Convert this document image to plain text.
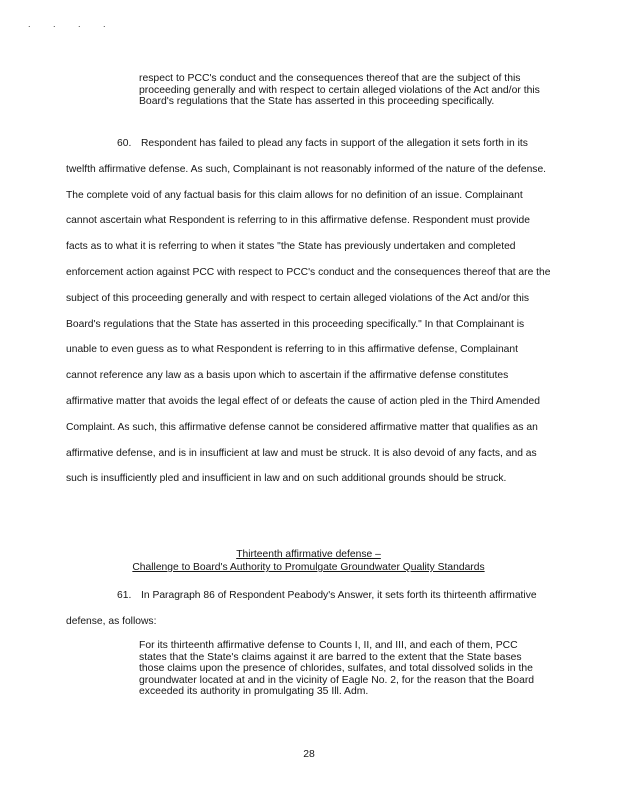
. . . .
respect to PCC's conduct and the consequences thereof that are the subject of this proceeding generally and with respect to certain alleged violations of the Act and/or this Board's regulations that the State has asserted in this proceeding specifically.
60. Respondent has failed to plead any facts in support of the allegation it sets forth in its twelfth affirmative defense. As such, Complainant is not reasonably informed of the nature of the defense. The complete void of any factual basis for this claim allows for no definition of an issue. Complainant cannot ascertain what Respondent is referring to in this affirmative defense. Respondent must provide facts as to what it is referring to when it states "the State has previously undertaken and completed enforcement action against PCC with respect to PCC's conduct and the consequences thereof that are the subject of this proceeding generally and with respect to certain alleged violations of the Act and/or this Board's regulations that the State has asserted in this proceeding specifically." In that Complainant is unable to even guess as to what Respondent is referring to in this affirmative defense, Complainant cannot reference any law as a basis upon which to ascertain if the affirmative defense constitutes affirmative matter that avoids the legal effect of or defeats the cause of action pled in the Third Amended Complaint. As such, this affirmative defense cannot be considered affirmative matter that qualifies as an affirmative defense, and is in insufficient at law and must be struck. It is also devoid of any facts, and as such is insufficiently pled and insufficient in law and on such additional grounds should be struck.
Thirteenth affirmative defense –
Challenge to Board's Authority to Promulgate Groundwater Quality Standards
61. In Paragraph 86 of Respondent Peabody's Answer, it sets forth its thirteenth affirmative defense, as follows:
For its thirteenth affirmative defense to Counts I, II, and III, and each of them, PCC states that the State's claims against it are barred to the extent that the State bases those claims upon the presence of chlorides, sulfates, and total dissolved solids in the groundwater located at and in the vicinity of Eagle No. 2, for the reason that the Board exceeded its authority in promulgating 35 Ill. Adm.
28
